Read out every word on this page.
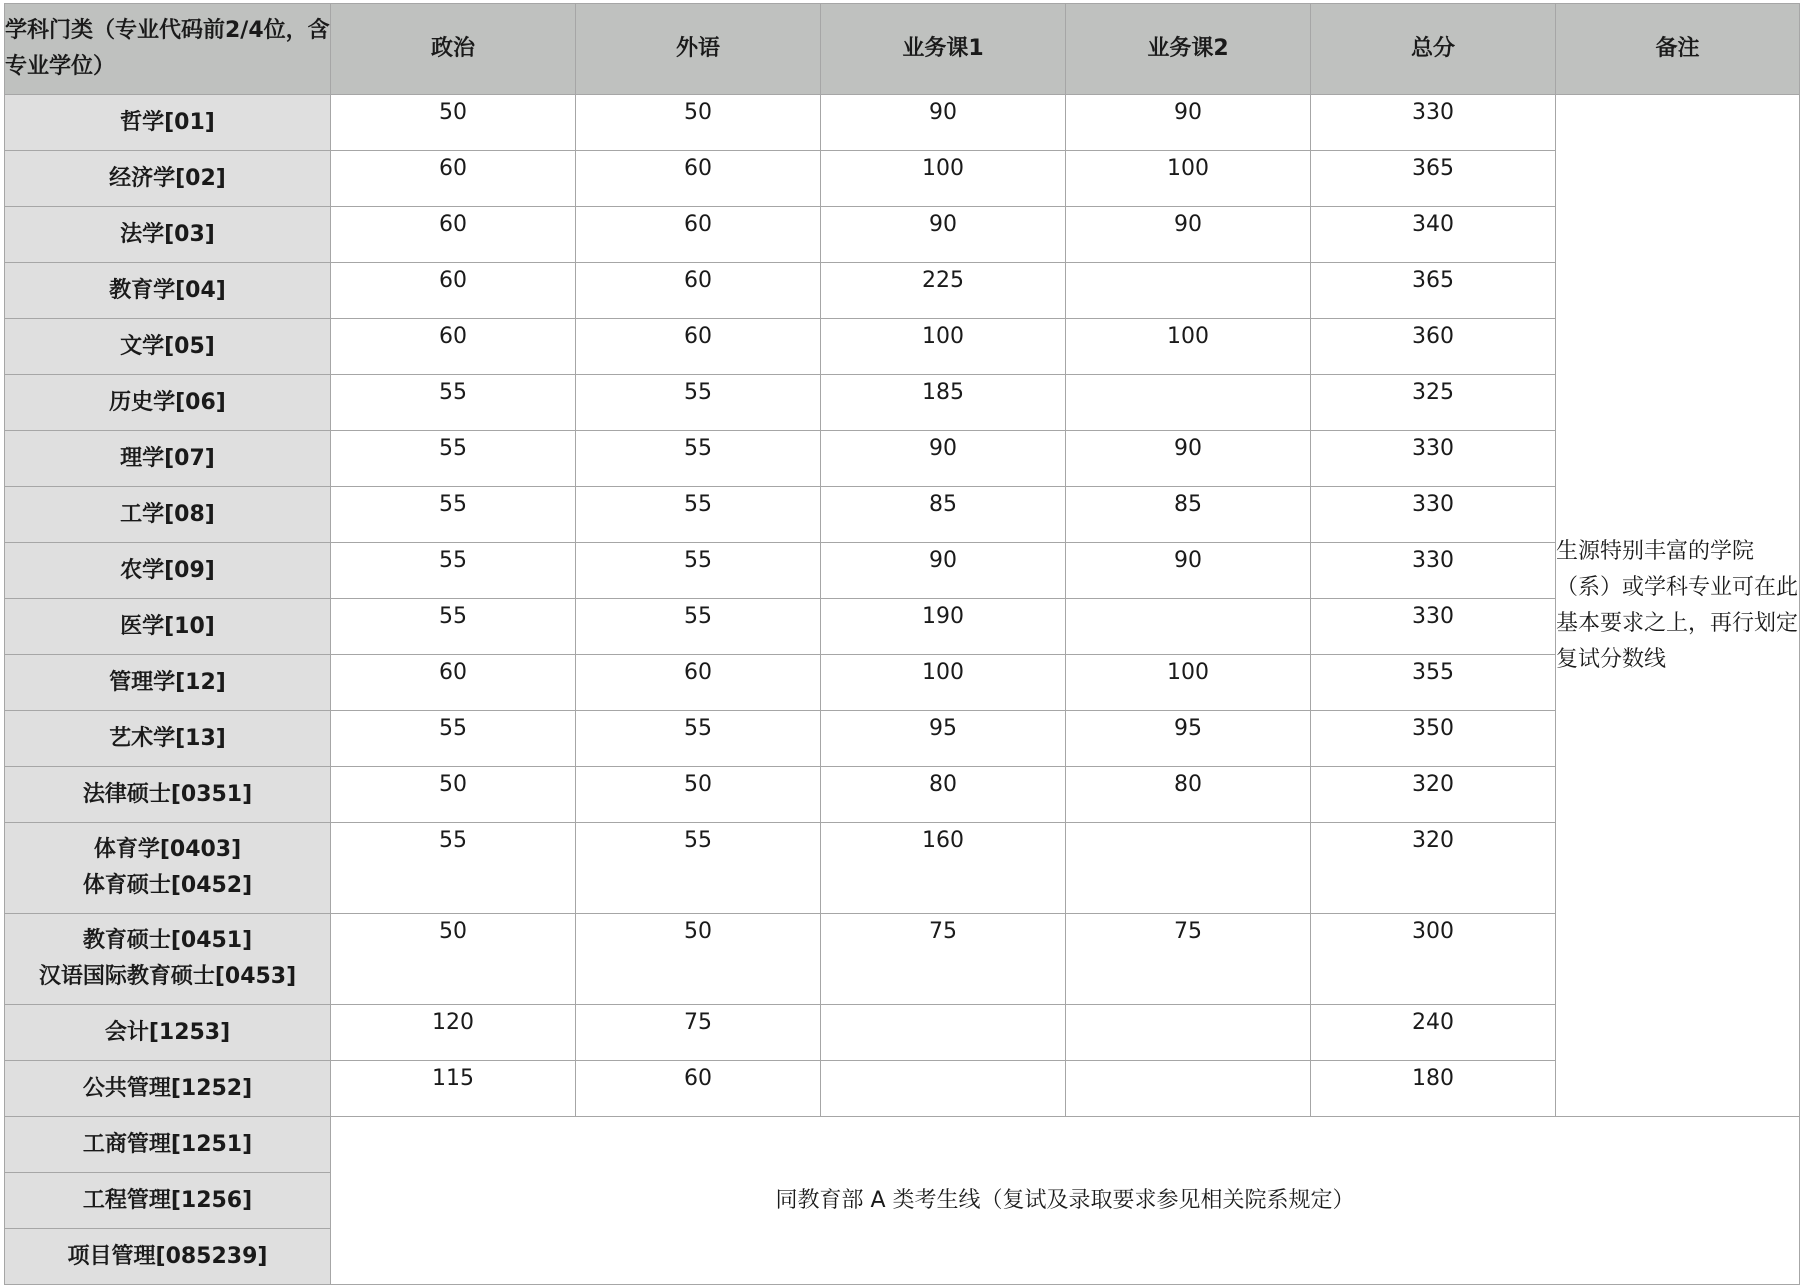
学科门类（专业代码前2/4位，含专业学位）	政治	外语	业务课1	业务课2	总分	备注

哲学[01]	50	50	90	90	330	生源特别丰富的学院（系）或学科专业可在此基本要求之上，再行划定复试分数线

经济学[02]	60	60	100	100	365	

法学[03]	60	60	90	90	340	

教育学[04]	60	60	225		365	

文学[05]	60	60	100	100	360	

历史学[06]	55	55	185		325	

理学[07]	55	55	90	90	330	

工学[08]	55	55	85	85	330	

农学[09]	55	55	90	90	330	

医学[10]	55	55	190		330	

管理学[12]	60	60	100	100	355	

艺术学[13]	55	55	95	95	350	

法律硕士[0351]	50	50	80	80	320	

体育学[0403]
体育硕士[0452]	55	55	160		320	

教育硕士[0451]
汉语国际教育硕士[0453]	50	50	75	75	300	

会计[1253]	120	75			240	

公共管理[1252]	115	60			180	
工商管理[1251]	同教育部 A 类考生线（复试及录取要求参见相关院系规定）					
工程管理[1256]						
项目管理[085239]						
